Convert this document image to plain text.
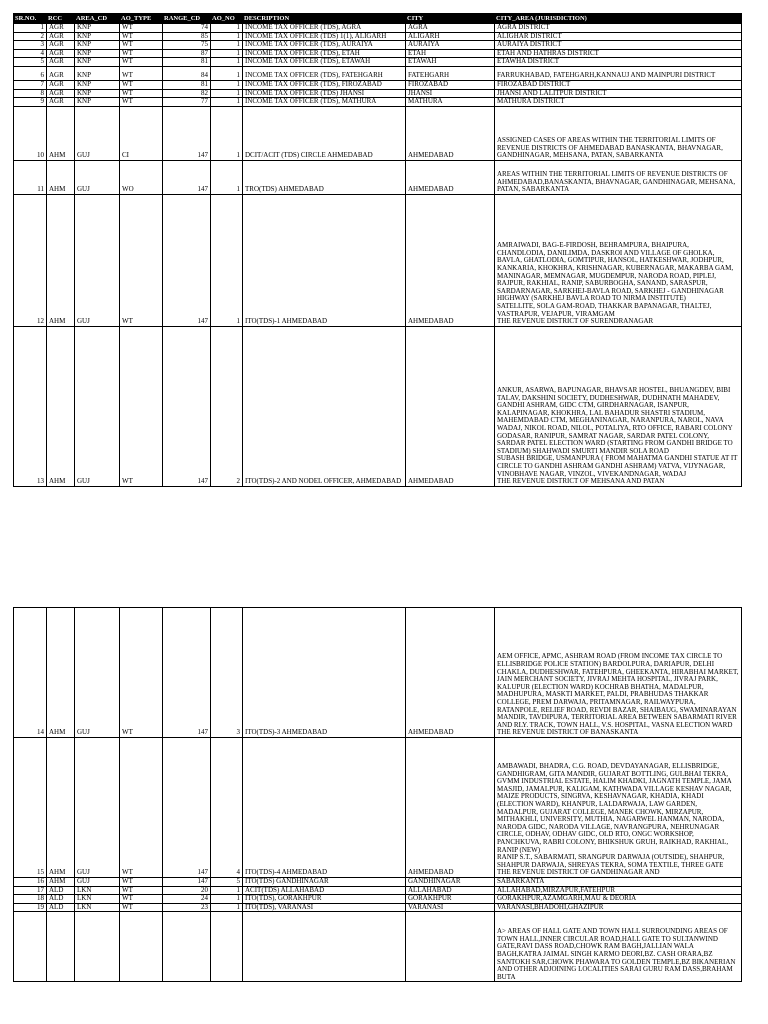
SR.NO.	RCC	AREA_CD	AO_TYPE	RANGE_CD	AO_NO	DESCRIPTION	CITY	CITY_AREA (JURISDICTION)
1	AGR	KNP	WT	74	1	INCOME TAX OFFICER (TDS), AGRA	AGRA	AGRA DISTRICT

2	AGR	KNP	WT	85	1	INCOME TAX OFFICER (TDS) 1(1), ALIGARH	ALIGARH	ALIGHAR DISTRICT

3	AGR	KNP	WT	75	1	INCOME TAX OFFICER (TDS), AURAIYA	AURAIYA	AURAIYA DISTRICT

4	AGR	KNP	WT	87	1	INCOME TAX OFFICER (TDS), ETAH	ETAH	ETAH AND HATHRAS DISTRICT

5	AGR	KNP	WT	81	1	INCOME TAX OFFICER (TDS), ETAWAH	ETAWAH	ETAWHA DISTRICT

6	AGR	KNP	WT	84	1	INCOME TAX OFFICER (TDS), FATEHGARH	FATEHGARH	FARRUKHABAD, FATEHGARH,KANNAUJ AND MAINPURI DISTRICT

7	AGR	KNP	WT	81	1	INCOME TAX OFFICER (TDS), FIROZABAD	FIROZABAD	FIROZABAD DISTRICT

8	AGR	KNP	WT	82	1	INCOME TAX OFFICER (TDS) JHANSI	JHANSI	JHANSI AND LALITPUR DISTRICT

9	AGR	KNP	WT	77	1	INCOME TAX OFFICER (TDS), MATHURA	MATHURA	MATHURA DISTRICT

10	AHM	GUJ	CI	147	1	DCIT/ACIT (TDS) CIRCLE AHMEDABAD	AHMEDABAD	ASSIGNED CASES OF AREAS WITHIN THE TERRITORIAL LIMITS OF REVENUE DISTRICTS OF AHMEDABAD BANASKANTA, BHAVNAGAR, GANDHINAGAR, MEHSANA, PATAN, SABARKANTA

11	AHM	GUJ	WO	147	1	TRO(TDS) AHMEDABAD	AHMEDABAD	AREAS WITHIN THE TERRITORIAL LIMITS OF REVENUE DISTRICTS OF AHMEDABAD,BANASKANTA, BHAVNAGAR, GANDHINAGAR, MEHSANA, PATAN, SABARKANTA

12	AHM	GUJ	WT	147	1	ITO(TDS)-1 AHMEDABAD	AHMEDABAD	AMRAIWADI, BAG-E-FIRDOSH, BEHRAMPURA, BHAIPURA, CHANDLODIA, DANILIMDA, DASKROI AND VILLAGE OF GHOLKA, BAVLA, GHATLODIA, GOMTIPUR, HANSOL, HATKESHWAR, JODHPUR, KANKARIA, KHOKHRA, KRISHNAGAR, KUBERNAGAR, MAKARBA GAM, MANINAGAR, MEMNAGAR, MUGDEMPUR, NARODA ROAD, PIPLEJ, RAJPUR, RAKHIAL, RANIP, SABURBOGHA, SANAND, SARASPUR, SARDARNAGAR, SARKHEJ-BAVLA ROAD, SARKHEJ - GANDHINAGAR HIGHWAY (SARKHEJ BAVLA ROAD TO NIRMA INSTITUTE)
SATELLITE, SOLA GAM-ROAD, THAKKAR BAPANAGAR, THALTEJ, VASTRAPUR, VEJAPUR, VIRAMGAM
THE REVENUE DISTRICT OF SURENDRANAGAR

13	AHM	GUJ	WT	147	2	ITO(TDS)-2 AND NODEL OFFICER, AHMEDABAD	AHMEDABAD	ANKUR, ASARWA, BAPUNAGAR, BHAVSAR HOSTEL, BHUANGDEV, BIBI TALAV, DAKSHINI SOCIETY, DUDHESHWAR, DUDHNATH MAHADEV, GANDHI ASHRAM, GIDC CTM, GIRDHARNAGAR, ISANPUR, KALAPINAGAR, KHOKHRA, LAL BAHADUR SHASTRI STADIUM, MAHEMDABAD CTM, MEGHANINAGAR, NARANPURA, NAROL, NAVA WADAJ, NIKOL ROAD, NILOL, POTALIYA, RTO OFFICE, RABARI COLONY GODASAR, RANIPUR, SAMRAT NAGAR, SARDAR PATEL COLONY, SARDAR PATEL ELECTION WARD (STARTING FROM GANDHI BRIDGE TO STADIUM) SHAHWADI SMURTI MANDIR SOLA ROAD
SUBASH BRIDGE, USMANPURA ( FROM MAHATMA GANDHI STATUE AT IT CIRCLE TO GANDHI ASHRAM GANDHI ASHRAM) VATVA, VIJYNAGAR, VINOBHAVE NAGAR, VINZOL, VIVEKANDNAGAR, WADAJ
THE REVENUE DISTRICT OF MEHSANA AND PATAN
14	AHM	GUJ	WT	147	3	ITO(TDS)-3 AHMEDABAD	AHMEDABAD	AEM OFFICE, APMC, ASHRAM ROAD (FROM INCOME TAX CIRCLE TO ELLISBRIDGE POLICE STATION) BARDOLPURA, DARIAPUR, DELHI CHAKLA, DUDHESHWAR, FATEHPURA, GHEEKANTA, HIRABHAI MARKET, JAIN MERCHANT SOCIETY, JIVRAJ MEHTA HOSPITAL, JIVRAJ PARK, KALUPUR (ELECTION WARD) KOCHRAB BHATHA, MADALPUR, MADHUPURA, MASKTI MARKET, PALDI, PRABHUDAS THAKKAR COLLEGE, PREM DARWAJA, PRITAMNAGAR, RAILWAYPURA, RATANPOLE, RELIEF ROAD, REVDI BAZAR, SHAIBAUG, SWAMINARAYAN MANDIR, TAVDIPURA, TERRITORIAL AREA BETWEEN SABARMATI RIVER AND RLY. TRACK, TOWN HALL, V.S. HOSPITAL, VASNA ELECTION WARD
THE REVENUE DISTRICT OF BANASKANTA

15	AHM	GUJ	WT	147	4	ITO(TDS)-4 AHMEDABAD	AHMEDABAD	AMBAWADI, BHADRA, C.G. ROAD, DEVDAYANAGAR, ELLISBRIDGE, GANDHIGRAM, GITA MANDIR, GUJARAT BOTTLING, GULBHAI TEKRA, GVMM INDUSTRIAL ESTATE, HALIM KHADKI, JAGNATH TEMPLE, JAMA MASJID, JAMALPUR, KALIGAM, KATHWADA VILLAGE KESHAV NAGAR, MAIZE PRODUCTS, SINGRVA, KESHAVNAGAR, KHADIA, KHADI (ELECTION WARD), KHANPUR, LALDARWAJA, LAW GARDEN, MADALPUR, GUJARAT COLLEGE, MANEK CHOWK, MIRZAPUR, MITHAKHLI, UNIVERSITY, MUTHIA, NAGARWEL HANMAN, NARODA, NARODA GIDC, NARODA VILLAGE, NAVRANGPURA, NEHRUNAGAR CIRCLE, ODHAV, ODHAV GIDC, OLD RTO, ONGC WORKSHOP, PANCHKUVA, RABRI COLONY, BHIKSHUK GRUH, RAIKHAD, RAKHIAL, RANIP (NEW)
RANIP S.T., SABARMATI, SRANGPUR DARWAJA (OUTSIDE), SHAHPUR, SHAHPUR DARWAJA, SHREYAS TEKRA, SOMA TEXTILE, THREE GATE
THE REVENUE DISTRICT OF GANDHINAGAR AND

16	AHM	GUJ	WT	147	5	ITO(TDS) GANDHINAGAR	GANDHINAGAR	SABARKANTA

17	ALD	LKN	WT	20	1	ACIT(TDS) ALLAHABAD	ALLAHABAD	ALLAHABAD,MIRZAPUR,FATEHPUR

18	ALD	LKN	WT	24	1	ITO(TDS), GORAKHPUR	GORAKHPUR	GORAKHPUR,AZAMGARH,MAU & DEORIA

19	ALD	LKN	WT	23	1	ITO(TDS), VARANASI	VARANASI	VARANASI,BHADOHI,GHAZIPUR

								A> AREAS OF HALL GATE AND TOWN HALL SURROUNDING AREAS OF TOWN HALL,INNER CIRCULAR ROAD,HALL GATE TO SULTANWIND GATE,RAVI DASS ROAD,CHOWK RAM BAGH,JALLIAN WALA BAGH,KATRA JAIMAL SINGH KARMO DEORI,BZ. CASH ORARA,BZ SANTOKH SAR,CHOWK PHAWARA TO GOLDEN TEMPLE,BZ BIKANERIAN AND OTHER ADJOINING LOCALITIES SARAI GURU RAM DASS,BRAHAM BUTA
